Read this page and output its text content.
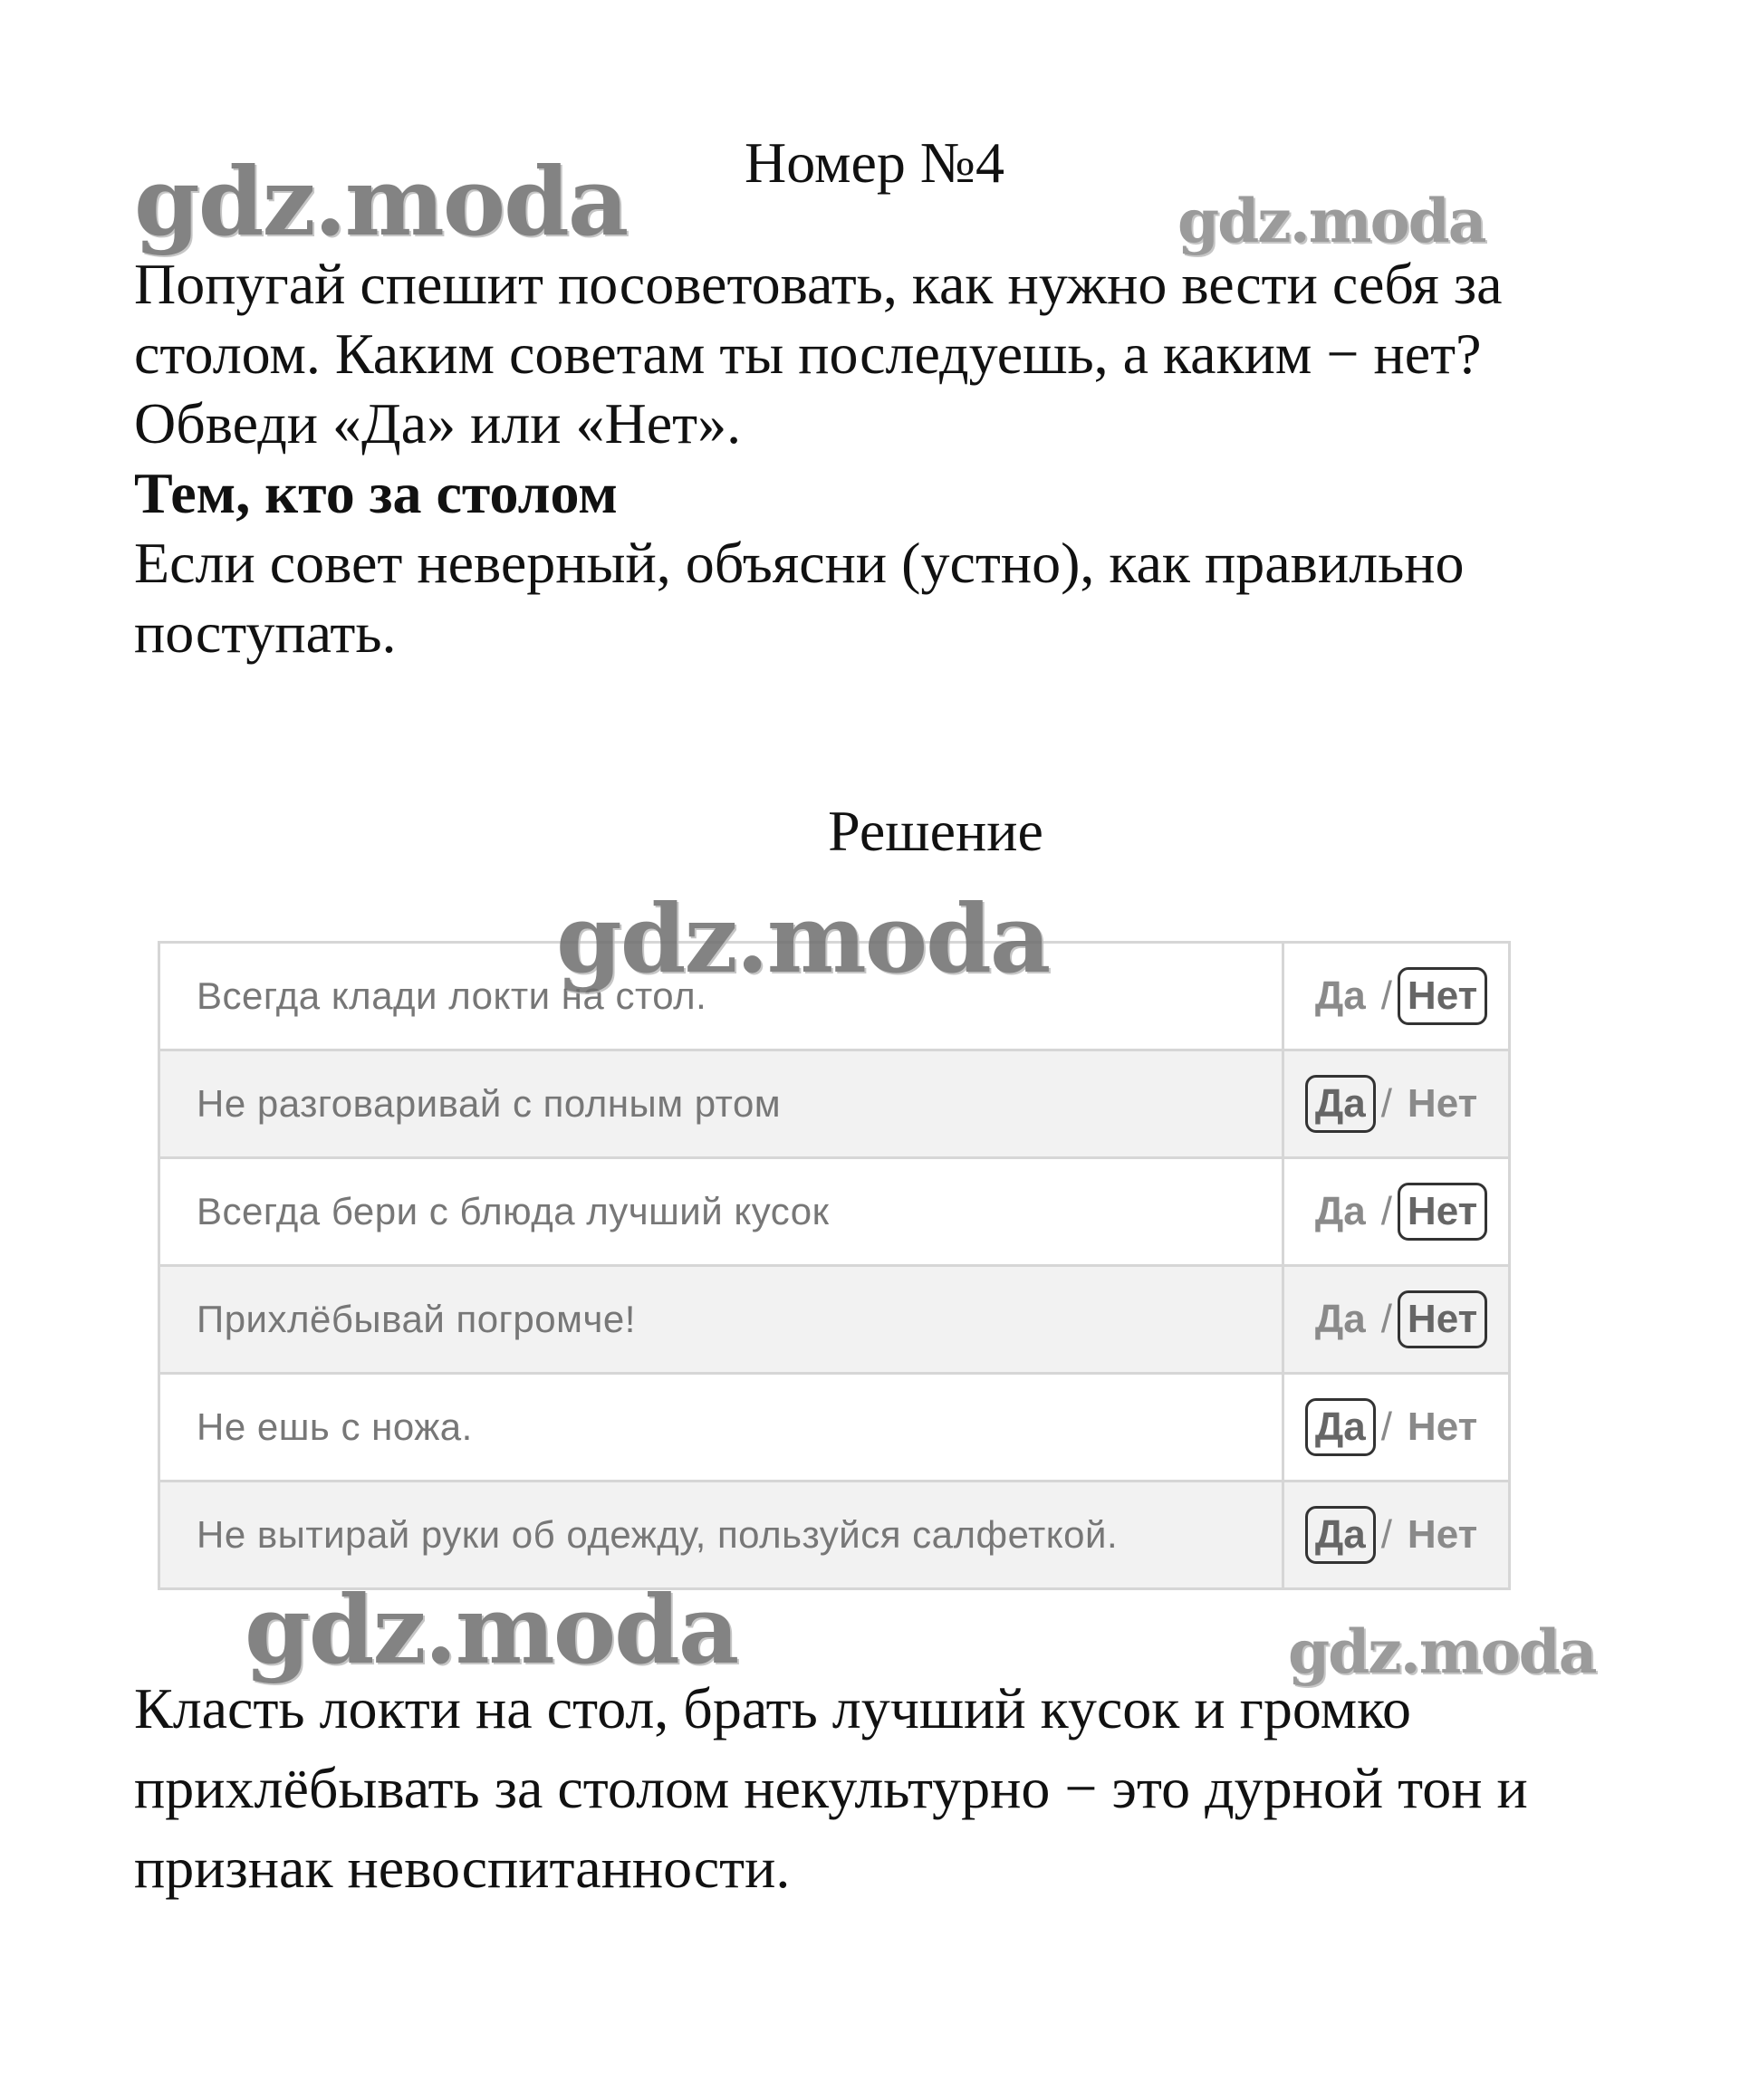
Номер №4
Попугай спешит посоветовать, как нужно вести себя за
столом. Каким советам ты последуешь, а каким − нет?
Обведи «Да» или «Нет».
Тем, кто за столом
Если совет неверный, объясни (устно), как правильно
поступать.
Решение
Всегда клади локти на стол.	Да / Нет
Не разговаривай с полным ртом	Да / Нет
Всегда бери с блюда лучший кусок	Да / Нет
Прихлёбывай погромче!	Да / Нет
Не ешь с ножа.	Да / Нет
Не вытирай руки об одежду, пользуйся салфеткой.	Да / Нет
Класть локти на стол, брать лучший кусок и громко
прихлёбывать за столом некультурно − это дурной тон и
признак невоспитанности.
gdz.moda	gdz.moda
gdz.moda
gdz.moda	gdz.moda
